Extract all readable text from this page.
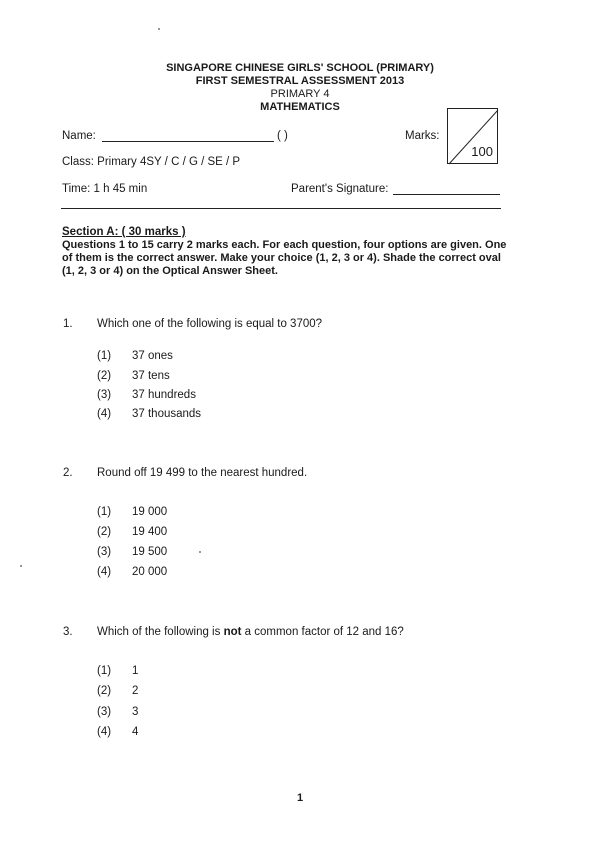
SINGAPORE CHINESE GIRLS' SCHOOL (PRIMARY)
FIRST SEMESTRAL ASSESSMENT 2013
PRIMARY 4
MATHEMATICS
Name:	( )	Marks:
100
Class: Primary 4SY / C / G / SE / P
Time: 1 h 45 min	Parent's Signature:
Section A: ( 30 marks )
Questions 1 to 15 carry 2 marks each. For each question, four options are given. One of them is the correct answer. Make your choice (1, 2, 3 or 4). Shade the correct oval (1, 2, 3 or 4) on the Optical Answer Sheet.
1. Which one of the following is equal to 3700?
(1) 37 ones
(2) 37 tens
(3) 37 hundreds
(4) 37 thousands
2. Round off 19 499 to the nearest hundred.
(1) 19 000
(2) 19 400
(3) 19 500
(4) 20 000
3. Which of the following is not a common factor of 12 and 16?
(1) 1
(2) 2
(3) 3
(4) 4
1
